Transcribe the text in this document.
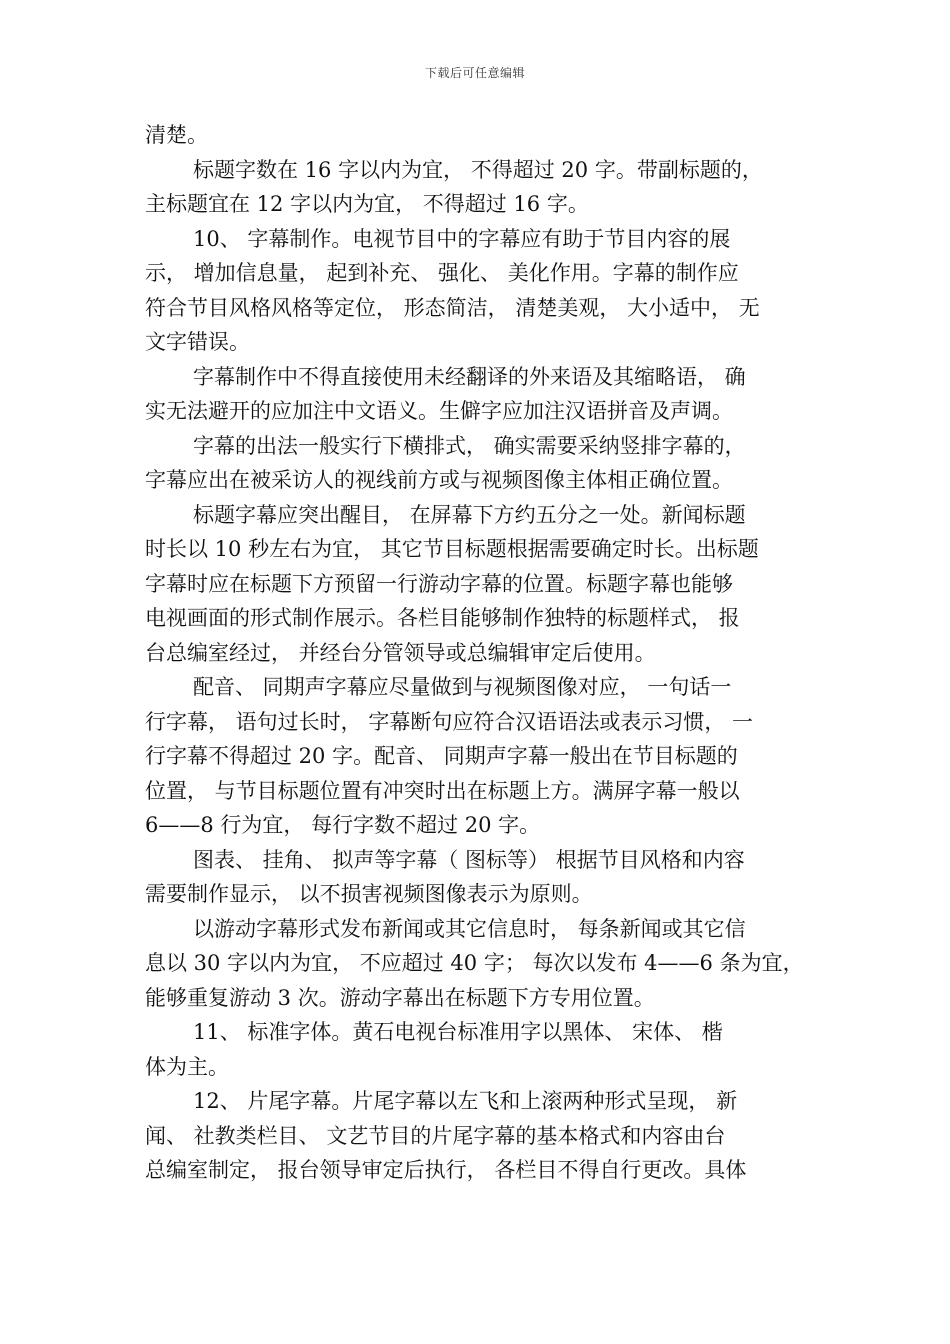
下载后可任意编辑
清楚。
标题字数在 16 字以内为宜， 不得超过 20 字。带副标题的，
主标题宜在 12 字以内为宜， 不得超过 16 字。
10、 字幕制作。电视节目中的字幕应有助于节目内容的展
示， 增加信息量， 起到补充、 强化、 美化作用。字幕的制作应
符合节目风格风格等定位， 形态简洁， 清楚美观， 大小适中， 无
文字错误。
字幕制作中不得直接使用未经翻译的外来语及其缩略语， 确
实无法避开的应加注中文语义。生僻字应加注汉语拼音及声调。
字幕的出法一般实行下横排式， 确实需要采纳竖排字幕的，
字幕应出在被采访人的视线前方或与视频图像主体相正确位置。
标题字幕应突出醒目， 在屏幕下方约五分之一处。新闻标题
时长以 10 秒左右为宜， 其它节目标题根据需要确定时长。出标题
字幕时应在标题下方预留一行游动字幕的位置。标题字幕也能够
电视画面的形式制作展示。各栏目能够制作独特的标题样式， 报
台总编室经过， 并经台分管领导或总编辑审定后使用。
配音、 同期声字幕应尽量做到与视频图像对应， 一句话一
行字幕， 语句过长时， 字幕断句应符合汉语语法或表示习惯， 一
行字幕不得超过 20 字。配音、 同期声字幕一般出在节目标题的
位置， 与节目标题位置有冲突时出在标题上方。满屏字幕一般以
6——8 行为宜， 每行字数不超过 20 字。
图表、 挂角、 拟声等字幕（ 图标等） 根据节目风格和内容
需要制作显示， 以不损害视频图像表示为原则。
以游动字幕形式发布新闻或其它信息时， 每条新闻或其它信
息以 30 字以内为宜， 不应超过 40 字； 每次以发布 4——6 条为宜，
能够重复游动 3 次。游动字幕出在标题下方专用位置。
11、 标准字体。黄石电视台标准用字以黑体、 宋体、 楷
体为主。
12、 片尾字幕。片尾字幕以左飞和上滚两种形式呈现， 新
闻、 社教类栏目、 文艺节目的片尾字幕的基本格式和内容由台
总编室制定， 报台领导审定后执行， 各栏目不得自行更改。具体
